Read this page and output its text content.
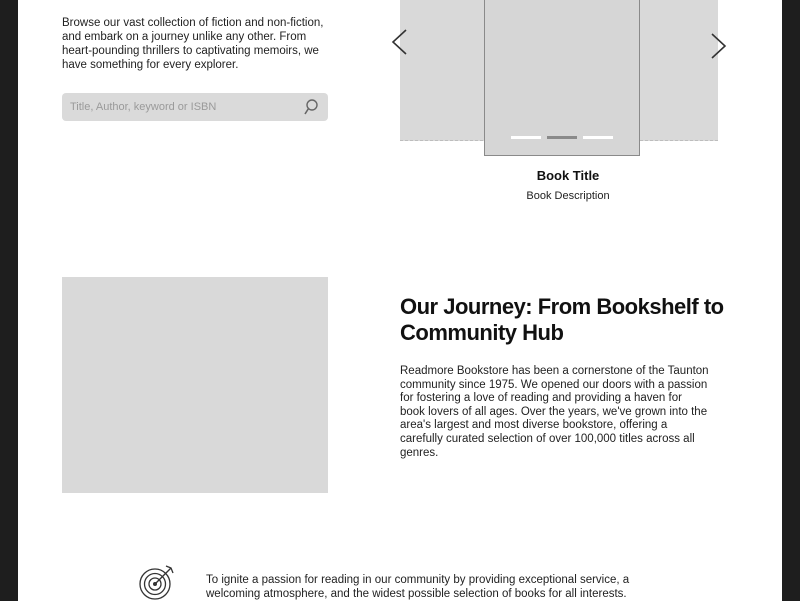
Browse our vast collection of fiction and non-fiction, and embark on a journey unlike any other. From heart-pounding thrillers to captivating memoirs, we have something for every explorer.

Title, Author, keyword or ISBN
Book Title
Book Description
Our Journey: From Bookshelf to Community Hub

Readmore Bookstore has been a cornerstone of the Taunton community since 1975. We opened our doors with a passion for fostering a love of reading and providing a haven for book lovers of all ages. Over the years, we've grown into the area's largest and most diverse bookstore, offering a carefully curated selection of over 100,000 titles across all genres.

To ignite a passion for reading in our community by providing exceptional service, a welcoming atmosphere, and the widest possible selection of books for all interests.
